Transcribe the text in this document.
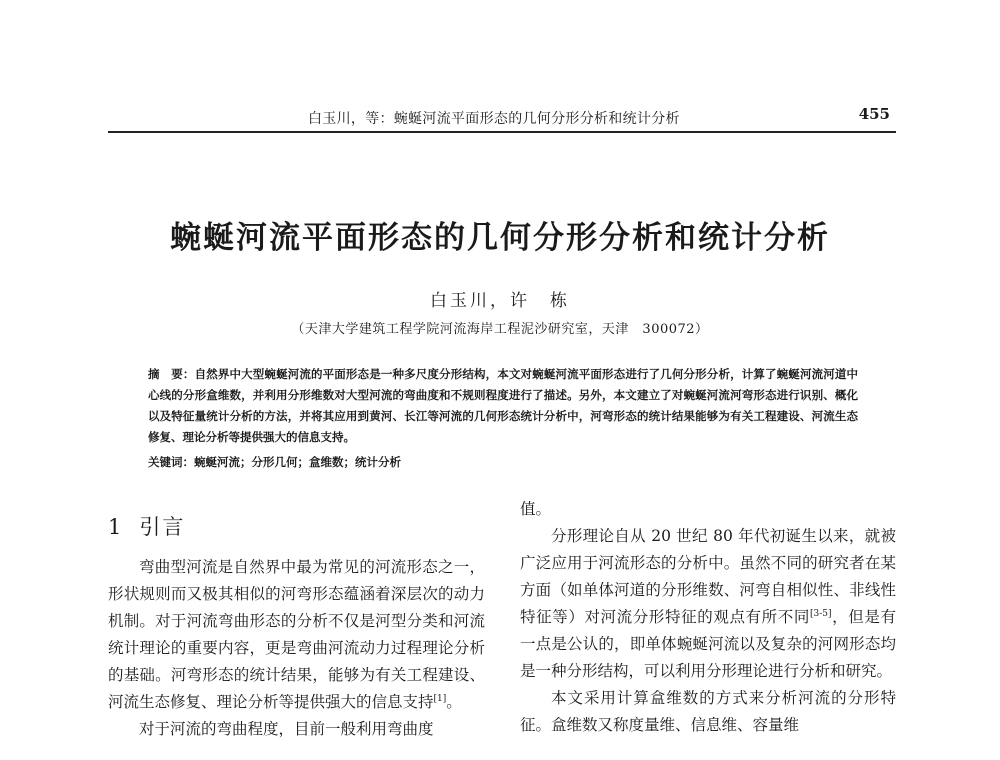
白玉川，等：蜿蜒河流平面形态的几何分形分析和统计分析	455
蜿蜒河流平面形态的几何分形分析和统计分析
白玉川，许　栋
（天津大学建筑工程学院河流海岸工程泥沙研究室，天津　300072）

摘　要：自然界中大型蜿蜒河流的平面形态是一种多尺度分形结构，本文对蜿蜒河流平面形态进行了几何分形分析，计算了蜿蜒河流河道中心线的分形盒维数，并利用分形维数对大型河流的弯曲度和不规则程度进行了描述。另外，本文建立了对蜿蜒河流河弯形态进行识别、概化以及特征量统计分析的方法，并将其应用到黄河、长江等河流的几何形态统计分析中，河弯形态的统计结果能够为有关工程建设、河流生态修复、理论分析等提供强大的信息支持。

关键词：蜿蜒河流；分形几何；盒维数；统计分析
1 引言

弯曲型河流是自然界中最为常见的河流形态之一，形状规则而又极其相似的河弯形态蕴涵着深层次的动力机制。对于河流弯曲形态的分析不仅是河型分类和河流统计理论的重要内容，更是弯曲河流动力过程理论分析的基础。河弯形态的统计结果，能够为有关工程建设、河流生态修复、理论分析等提供强大的信息支持[1]。

对于河流的弯曲程度，目前一般利用弯曲度

值。

分形理论自从 20 世纪 80 年代初诞生以来，就被广泛应用于河流形态的分析中。虽然不同的研究者在某方面（如单体河道的分形维数、河弯自相似性、非线性特征等）对河流分形特征的观点有所不同[3-5]，但是有一点是公认的，即单体蜿蜒河流以及复杂的河网形态均是一种分形结构，可以利用分形理论进行分析和研究。

本文采用计算盒维数的方式来分析河流的分形特征。盒维数又称度量维、信息维、容量维
